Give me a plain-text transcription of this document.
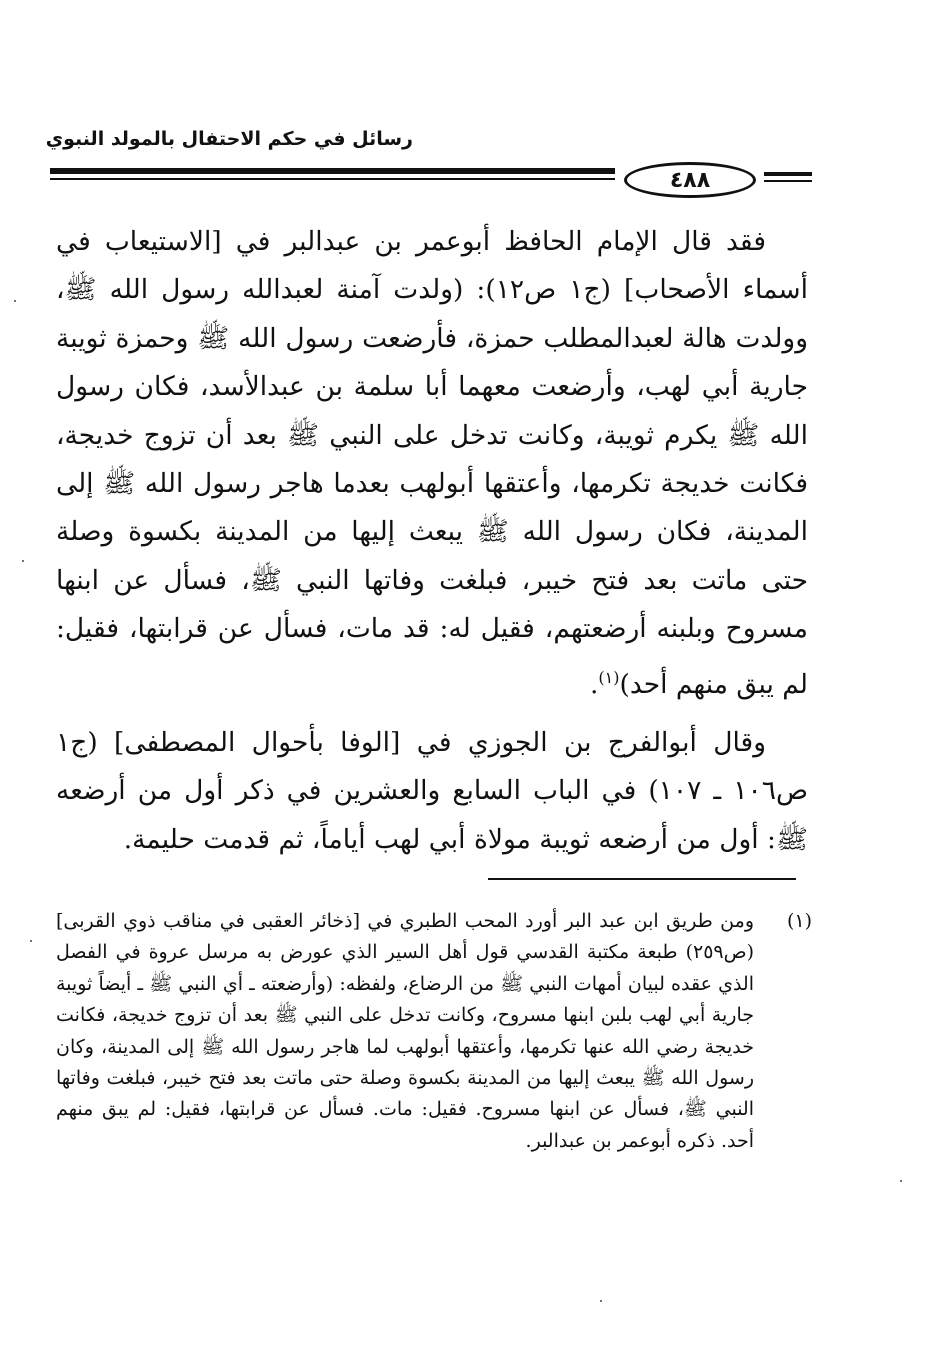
رسائل في حكم الاحتفال بالمولد النبوي
٤٨٨

فقد قال الإمام الحافظ أبوعمر بن عبدالبر في [الاستيعاب في أسماء الأصحاب] (ج١ ص١٢): (ولدت آمنة لعبدالله رسول الله ﷺ، وولدت هالة لعبدالمطلب حمزة، فأرضعت رسول الله ﷺ وحمزة ثويبة جارية أبي لهب، وأرضعت معهما أبا سلمة بن عبدالأسد، فكان رسول الله ﷺ يكرم ثويبة، وكانت تدخل على النبي ﷺ بعد أن تزوج خديجة، فكانت خديجة تكرمها، وأعتقها أبولهب بعدما هاجر رسول الله ﷺ إلى المدينة، فكان رسول الله ﷺ يبعث إليها من المدينة بكسوة وصلة حتى ماتت بعد فتح خيبر، فبلغت وفاتها النبي ﷺ، فسأل عن ابنها مسروح وبلبنه أرضعتهم، فقيل له: قد مات، فسأل عن قرابتها، فقيل: لم يبق منهم أحد)$^{(١)}$.

وقال أبوالفرج بن الجوزي في [الوفا بأحوال المصطفى] (ج١ ص١٠٦ ـ ١٠٧) في الباب السابع والعشرين في ذكر أول من أرضعه ﷺ: أول من أرضعه ثويبة مولاة أبي لهب أياماً، ثم قدمت حليمة.

(١)
ومن طريق ابن عبد البر أورد المحب الطبري في [ذخائر العقبى في مناقب ذوي القربى] (ص٢٥٩) طبعة مكتبة القدسي قول أهل السير الذي عورض به مرسل عروة في الفصل الذي عقده لبيان أمهات النبي ﷺ من الرضاع، ولفظه: (وأرضعته ـ أي النبي ﷺ ـ أيضاً ثويبة جارية أبي لهب بلبن ابنها مسروح، وكانت تدخل على النبي ﷺ بعد أن تزوج خديجة، فكانت خديجة رضي الله عنها تكرمها، وأعتقها أبولهب لما هاجر رسول الله ﷺ إلى المدينة، وكان رسول الله ﷺ يبعث إليها من المدينة بكسوة وصلة حتى ماتت بعد فتح خيبر، فبلغت وفاتها النبي ﷺ، فسأل عن ابنها مسروح. فقيل: مات. فسأل عن قرابتها، فقيل: لم يبق منهم أحد. ذكره أبوعمر بن عبدالبر.
